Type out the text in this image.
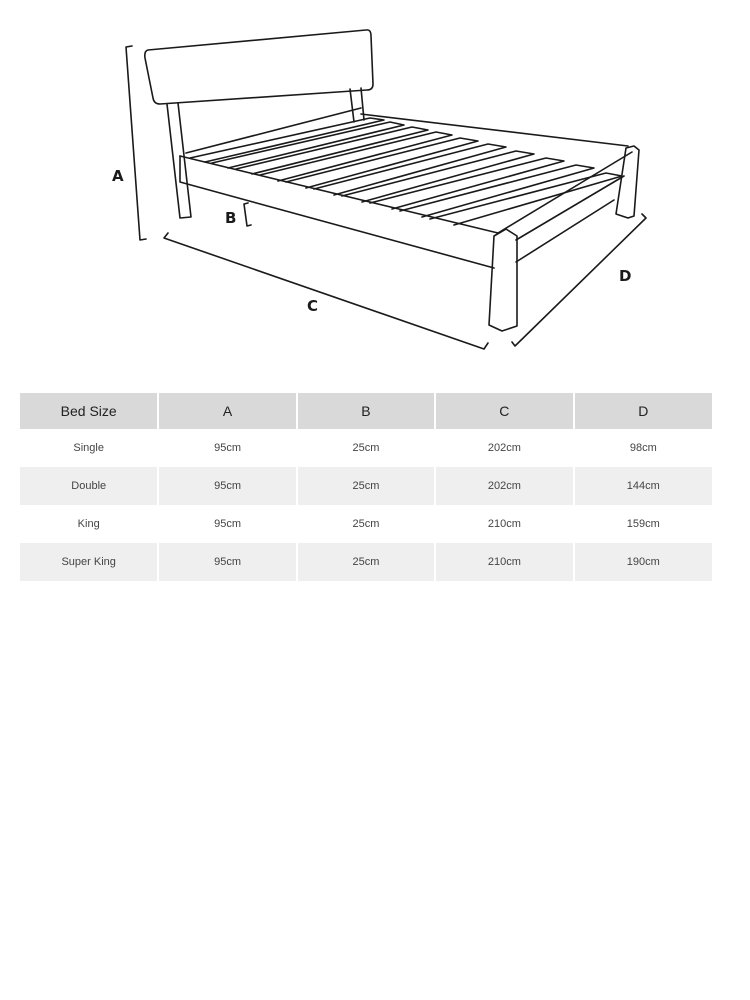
A
B
C
D
Bed Size	A	B	C	D
Single	95cm	25cm	202cm	98cm
Double	95cm	25cm	202cm	144cm
King	95cm	25cm	210cm	159cm
Super King	95cm	25cm	210cm	190cm
